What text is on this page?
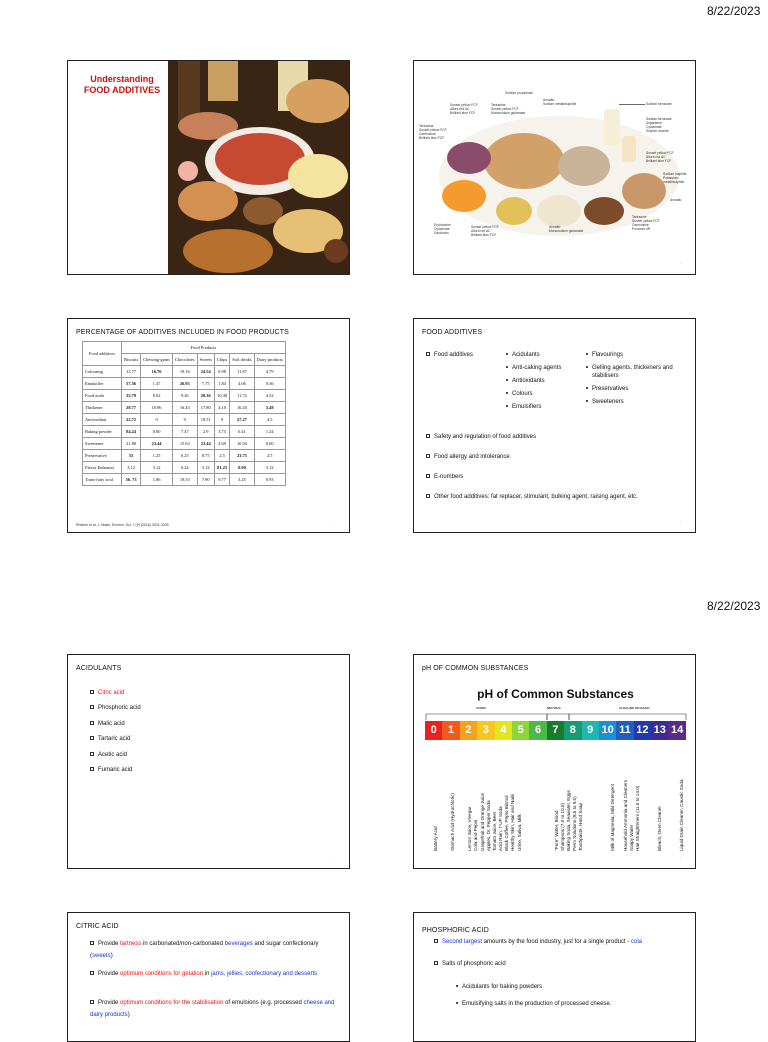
8/22/2023
8/22/2023
Understanding
FOOD ADDITIVES
Sunset yellow FCF
Allura red AC
Brilliant blue FCF
Sodium propionate
Tartrazine
Sunset yellow FCF
Monosodium glutamate
Annatto
Sodium metabisulphite	Sodium benzoate
Sodium benzoate
Aspartame
Cyclamate
Sulphur dioxide
Tartrazine
Sunset yellow FCF
Carmoisine
Brilliant blue FCF
Sunset yellow FCF
Allura red AC
Brilliant blue FCF
Sodium sulphite
Potassium metabisulphite
Annatto
Erythrosine
Cyclamate
Saccharin
Sunset yellow FCF
Allura red AC
Brilliant blue FCF
Annatto
Monosodium glutamate
Tartrazine
Sunset yellow FCF
Carmoisine
Ponceau 4R
·
PERCENTAGE OF ADDITIVES INCLUDED IN FOOD PRODUCTS
Food additives	Food Products						
	Biscuits	Chewing-gums	Chocolates	Sweets	Chips	Soft drinks	Dairy products
Colouring	13.77	16.76	19.16	24.54	8.98	11.87	4.79
Emulsifier	57.56	1.47	26.93	7.75	1.84	4.06	0.36
Food acids	35.79	8.02	9.26	20.36	10.49	11.72	4.32
Thickener	28.77	10.96	16.43	17.80	4.10	16.43	5.48
Antioxidant	22.72	9	9	18.51	9	27.27	4.5
Baking powder	84.24	0.00	7.47	2.9	3.73	0.41	1.24
Sweetener	21.88	23.44	15.63	23.44	4.69	10.94	0.00
Preservative	55	1.25	6.25	8.75	2.5	23.75	2.5
Flavor Enhancer	3.12	3.12	6.24	3.12	81.25	0.00	3.12
Trans-fatty acid	56. 73	1.86	19,53	7.90	9.77	3.25	0.93
Rhaiem et al, J. Mater. Environ. Sci. 7 (9) (2016) 3331-3339
·
FOOD ADDITIVES
Food additives	Acidulants
Anti-caking agents
Antioxidants
Colours
Emulsifiers
Flavourings
Gelling agents, thickeners and stabilisers
Preservatives
Sweeteners
Safety and regulation of food additives
Food allergy and intolerance
E-numbers
Other food additives: fat replacer, stimulant, bulking agent, raising agent, etc.
·
ACIDULANTS
Citric acid
Phosphoric acid
Malic acid
Tartaric acid
Acetic acid
Fumaric acid
·
pH OF COMMON SUBSTANCES
pH of Common Substances
ACIDIC	NEUTRAL	ALKALINE OR BASIC
0	1	2	3	4	5	6	7	8	9 10 11 12 13 14
Battery Acid	Stomach Acid (Hydrochloric)	Lemon Juice, Vinegar Cola and Pepsi Grapefruit and Orange Juice Apples, Dr. Pepper Soda Tomato Juice, Beer Acid Rain, 7-UP Soda Black Coffee, Pepto Bismol Healthy Skin, Hair and Nails Urine, Saliva, Milk	"Pure" Water, Blood Shampoos (7.0 to 10.0) Baking Soda, Seawater, Eggs Perm Solutions (8.5 to 9.5) Toothpaste, Hand Soap	Milk of Magnesia, Mild Detergent Household Ammonia and Cleaners Soapy Water Hair Straighteners (11.5 to 14.0)	Bleach, Oven Cleaner	Liquid Drain Cleaner, Caustic Soda
·
CITRIC ACID
Provide tartness in carbonated/non-carbonated beverages and sugar confectionary (sweets)
Provide optimum conditions for gelation in jams, jellies, confectionary and desserts
Provide optimum conditions for the stabilisation of emulsions (e.g. processed cheese and dairy products)
PHOSPHORIC ACID
Second largest amounts by the food industry, just for a single product - cola
Salts of phosphoric acid
Acidulants for baking powders
Emulsifying salts in the production of processed cheese.
